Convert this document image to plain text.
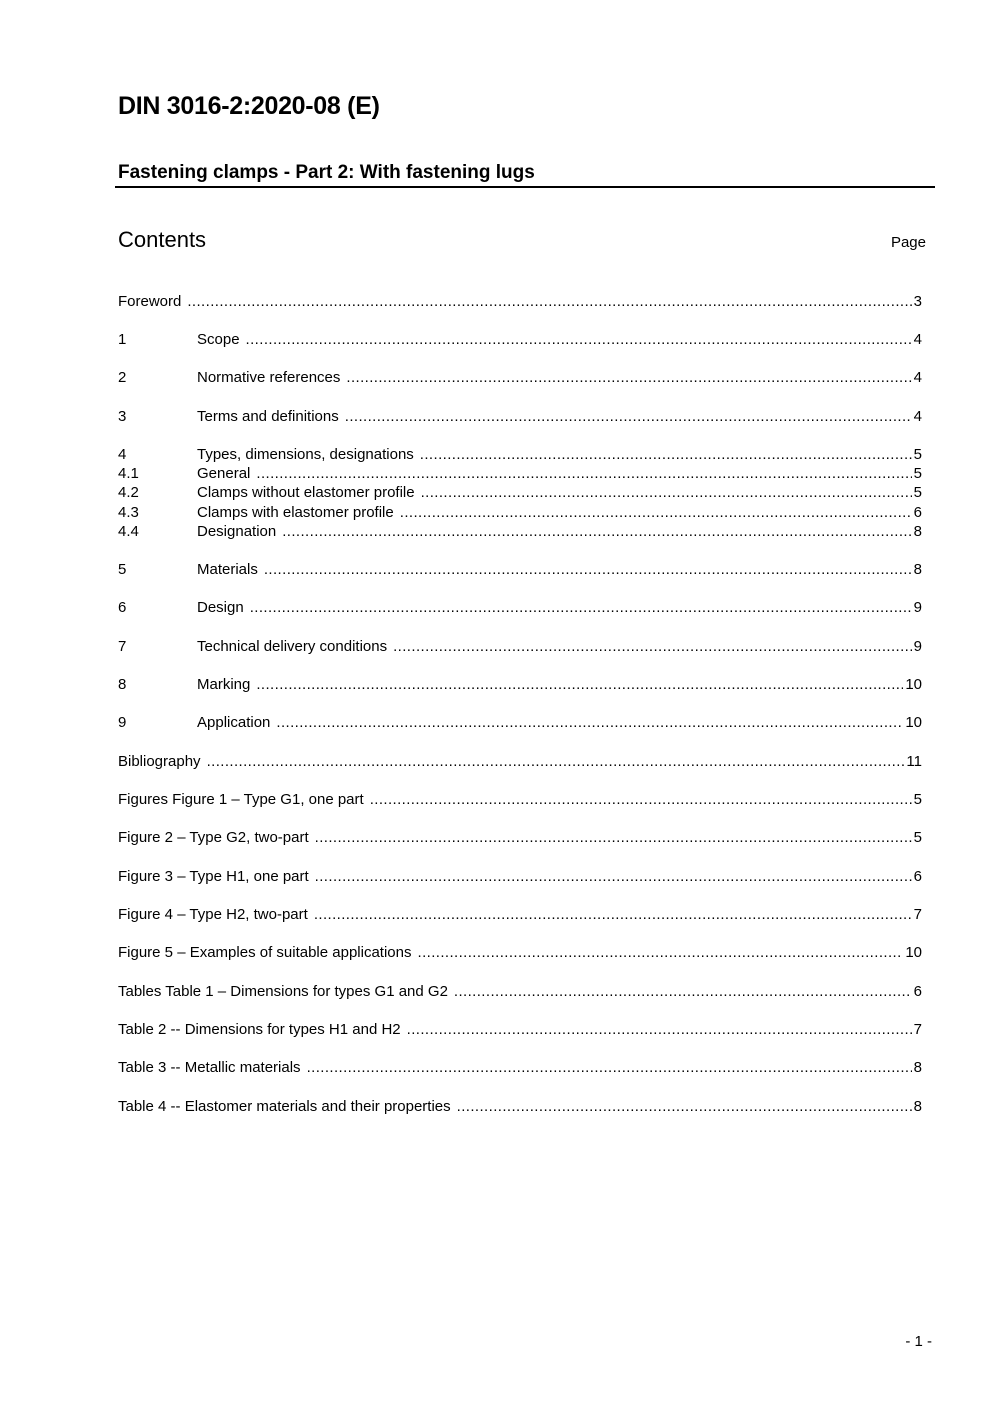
DIN 3016-2:2020-08 (E)
Fastening clamps - Part 2: With fastening lugs
Contents	Page
Foreword .....	3
1	Scope .....	4
2	Normative references .....	4
3	Terms and definitions .....	4
4	Types, dimensions, designations .....	5
4.1	General .....	5
4.2	Clamps without elastomer profile .....	5
4.3	Clamps with elastomer profile .....	6
4.4	Designation .....	8
5	Materials .....	8
6	Design .....	9
7	Technical delivery conditions .....	9
8	Marking .....	10
9	Application .....	10
Bibliography .....	11
Figures Figure 1 – Type G1, one part .....	5
Figure 2 – Type G2, two-part .....	5
Figure 3 – Type H1, one part .....	6
Figure 4 – Type H2, two-part .....	7
Figure 5 – Examples of suitable applications .....	10
Tables Table 1 – Dimensions for types G1 and G2 .....	6
Table 2 -- Dimensions for types H1 and H2 .....	7
Table 3 -- Metallic materials .....	8
Table 4 -- Elastomer materials and their properties .....	8
- 1 -
